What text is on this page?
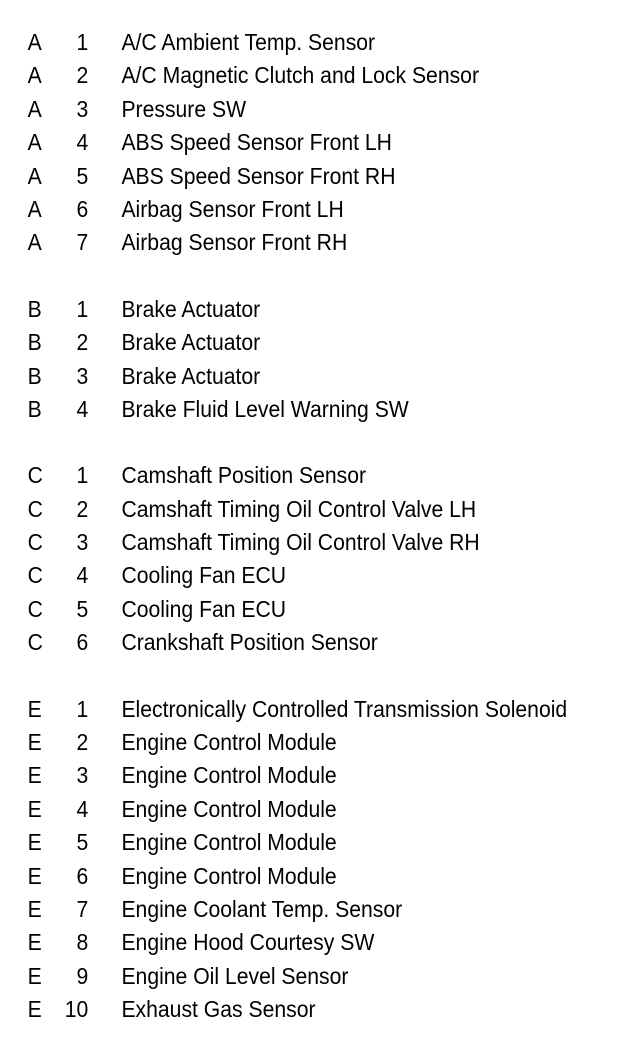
A	1	A/C Ambient Temp. Sensor
A	2	A/C Magnetic Clutch and Lock Sensor
A	3	Pressure SW
A	4	ABS Speed Sensor Front LH
A	5	ABS Speed Sensor Front RH
A	6	Airbag Sensor Front LH
A	7	Airbag Sensor Front RH
B	1	Brake Actuator
B	2	Brake Actuator
B	3	Brake Actuator
B	4	Brake Fluid Level Warning SW
C	1	Camshaft Position Sensor
C	2	Camshaft Timing Oil Control Valve LH
C	3	Camshaft Timing Oil Control Valve RH
C	4	Cooling Fan ECU
C	5	Cooling Fan ECU
C	6	Crankshaft Position Sensor
E	1	Electronically Controlled Transmission Solenoid
E	2	Engine Control Module
E	3	Engine Control Module
E	4	Engine Control Module
E	5	Engine Control Module
E	6	Engine Control Module
E	7	Engine Coolant Temp. Sensor
E	8	Engine Hood Courtesy SW
E	9	Engine Oil Level Sensor
E	10	Exhaust Gas Sensor
